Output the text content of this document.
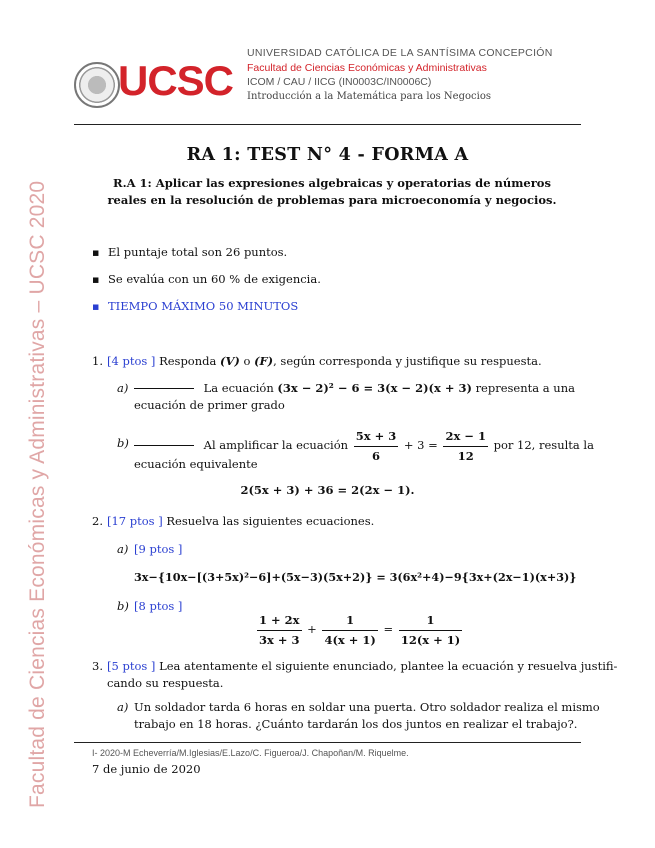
Facultad de Ciencias Económicas y Administrativas – UCSC 2020
UCSC
UNIVERSIDAD CATÓLICA DE LA SANTÍSIMA CONCEPCIÓN
Facultad de Ciencias Económicas y Administrativas
ICOM / CAU / IICG (IN0003C/IN0006C)
Introducción a la Matemática para los Negocios
RA 1: TEST N° 4 - FORMA A
R.A 1: Aplicar las expresiones algebraicas y operatorias de números reales en la resolución de problemas para microeconomía y negocios.
▪ El puntaje total son 26 puntos.
▪ Se evalúa con un 60 % de exigencia.
▪ TIEMPO MÁXIMO 50 MINUTOS
1. [4 ptos ] Responda (V) o (F), según corresponda y justifique su respuesta.
a)	La ecuación (3x − 2)² − 6 = 3(x − 2)(x + 3) representa a una
ecuación de primer grado
b)	Al amplificar la ecuación $\frac{5x + 3}{6} + 3 = \frac{2x - 1}{12}$ por 12, resulta la
ecuación equivalente
2(5x + 3) + 36 = 2(2x − 1).
2. [17 ptos ] Resuelva las siguientes ecuaciones.
a) [9 ptos ]
3x−{10x−[(3+5x)²−6]+(5x−3)(5x+2)} = 3(6x²+4)−9{3x+(2x−1)(x+3)}
b) [8 ptos ]
$\frac{1 + 2x}{3x + 3} + \frac{1}{4(x + 1)} = \frac{1}{12(x + 1)}$
3. [5 ptos ] Lea atentamente el siguiente enunciado, plantee la ecuación y resuelva justifi-
cando su respuesta.
a) Un soldador tarda 6 horas en soldar una puerta. Otro soldador realiza el mismo
trabajo en 18 horas. ¿Cuánto tardarán los dos juntos en realizar el trabajo?.
I- 2020-M Echeverría/M.Iglesias/E.Lazo/C. Figueroa/J. Chapoñan/M. Riquelme.
7 de junio de 2020
